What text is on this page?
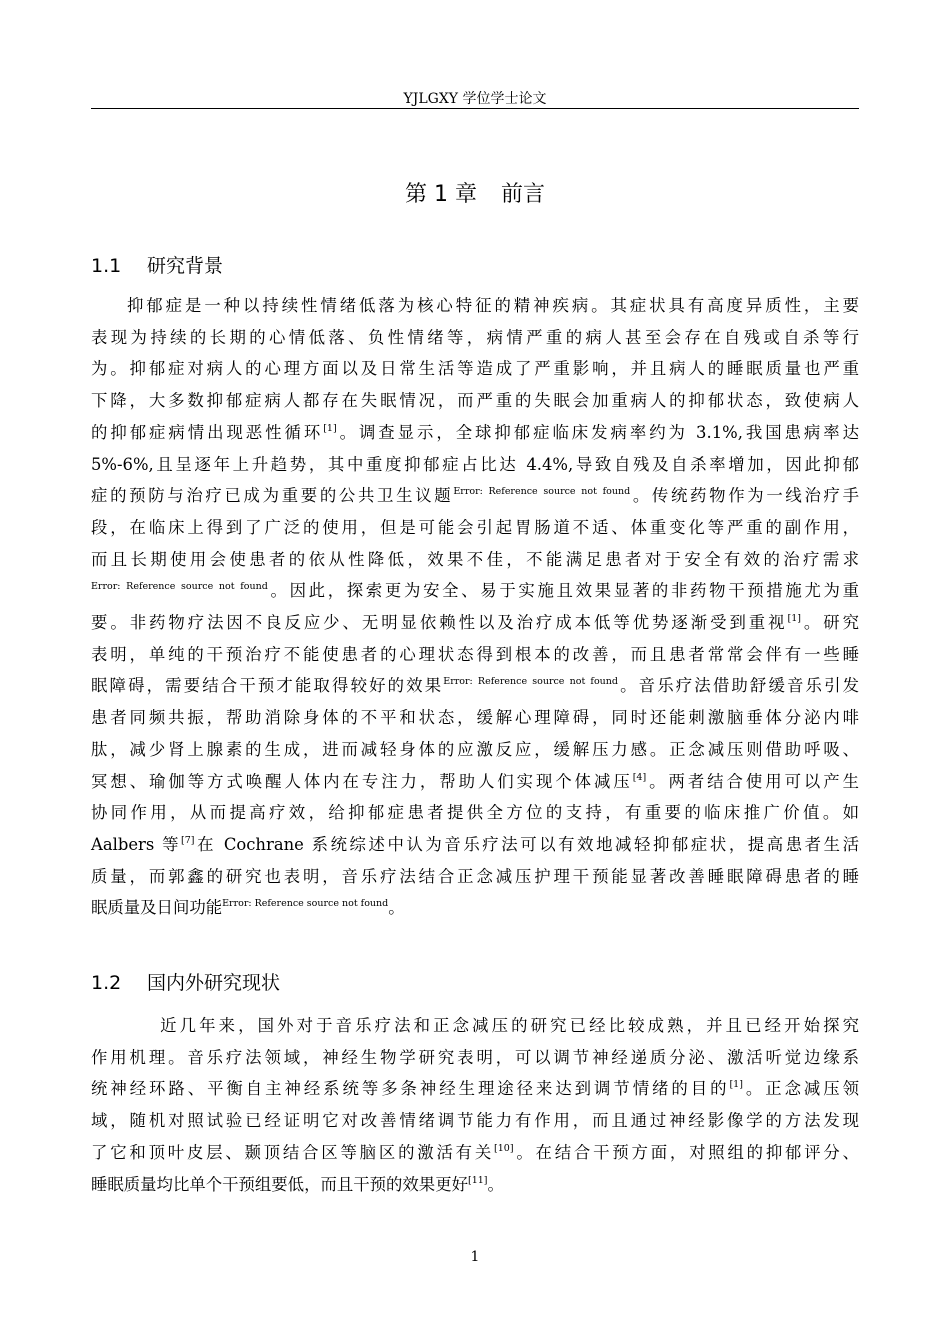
YJLGXY 学位学士论文
第 1 章 前言
1.1 研究背景
抑郁症是一种以持续性情绪低落为核心特征的精神疾病。其症状具有高度异质性，主要
表现为持续的长期的心情低落、负性情绪等，病情严重的病人甚至会存在自残或自杀等行
为。抑郁症对病人的心理方面以及日常生活等造成了严重影响，并且病人的睡眠质量也严重
下降，大多数抑郁症病人都存在失眠情况，而严重的失眠会加重病人的抑郁状态，致使病人
的抑郁症病情出现恶性循环[1]。调查显示，全球抑郁症临床发病率约为 3.1%,我国患病率达
5%-6%,且呈逐年上升趋势，其中重度抑郁症占比达 4.4%,导致自残及自杀率增加，因此抑郁
症的预防与治疗已成为重要的公共卫生议题$^{Error: Reference source not found}$。传统药物作为一线治疗手
段，在临床上得到了广泛的使用，但是可能会引起胃肠道不适、体重变化等严重的副作用，
而且长期使用会使患者的依从性降低，效果不佳，不能满足患者对于安全有效的治疗需求
$^{Error: Reference source not found}$。因此，探索更为安全、易于实施且效果显著的非药物干预措施尤为重
要。非药物疗法因不良反应少、无明显依赖性以及治疗成本低等优势逐渐受到重视[1]。研究
表明，单纯的干预治疗不能使患者的心理状态得到根本的改善，而且患者常常会伴有一些睡
眠障碍，需要结合干预才能取得较好的效果$^{Error: Reference source not found}$。音乐疗法借助舒缓音乐引发
患者同频共振，帮助消除身体的不平和状态，缓解心理障碍，同时还能刺激脑垂体分泌内啡
肽，减少肾上腺素的生成，进而减轻身体的应激反应，缓解压力感。正念减压则借助呼吸、
冥想、瑜伽等方式唤醒人体内在专注力，帮助人们实现个体减压[4]。两者结合使用可以产生
协同作用，从而提高疗效，给抑郁症患者提供全方位的支持，有重要的临床推广价值。如
Aalbers 等[7]在 Cochrane 系统综述中认为音乐疗法可以有效地减轻抑郁症状，提高患者生活
质量，而郭鑫的研究也表明，音乐疗法结合正念减压护理干预能显著改善睡眠障碍患者的睡
眠质量及日间功能$^{Error: Reference source not found}$。
1.2 国内外研究现状
近几年来，国外对于音乐疗法和正念减压的研究已经比较成熟，并且已经开始探究
作用机理。音乐疗法领域，神经生物学研究表明，可以调节神经递质分泌、激活听觉边缘系
统神经环路、平衡自主神经系统等多条神经生理途径来达到调节情绪的目的[1]。正念减压领
域，随机对照试验已经证明它对改善情绪调节能力有作用，而且通过神经影像学的方法发现
了它和顶叶皮层、颞顶结合区等脑区的激活有关[10]。在结合干预方面，对照组的抑郁评分、
睡眠质量均比单个干预组要低，而且干预的效果更好[11]。
1
